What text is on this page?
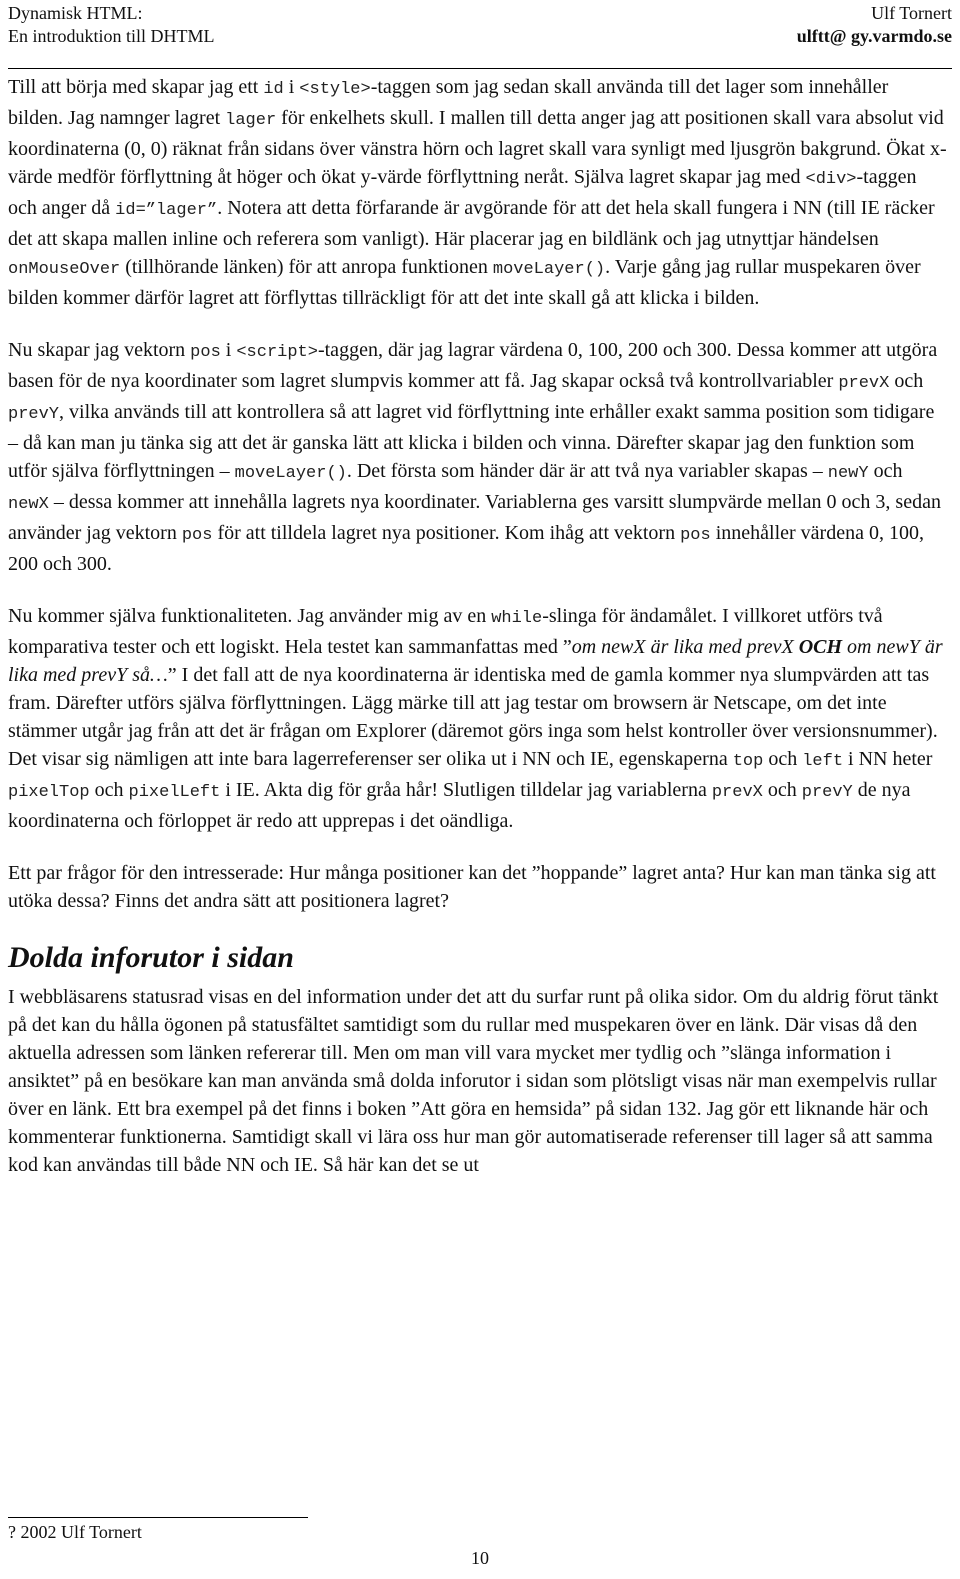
Dynamisk HTML:
En introduktion till DHTML
Ulf Tornert
ulftt@ gy.varmdo.se

Till att börja med skapar jag ett id i <style>-taggen som jag sedan skall använda till det lager som innehåller bilden. Jag namnger lagret lager för enkelhets skull. I mallen till detta anger jag att positionen skall vara absolut vid koordinaterna (0, 0) räknat från sidans över vänstra hörn och lagret skall vara synligt med ljusgrön bakgrund. Ökat x-värde medför förflyttning åt höger och ökat y-värde förflyttning neråt. Själva lagret skapar jag med <div>-taggen och anger då id=”lager”. Notera att detta förfarande är avgörande för att det hela skall fungera i NN (till IE räcker det att skapa mallen inline och referera som vanligt). Här placerar jag en bildlänk och jag utnyttjar händelsen onMouseOver (tillhörande länken) för att anropa funktionen moveLayer(). Varje gång jag rullar muspekaren över bilden kommer därför lagret att förflyttas tillräckligt för att det inte skall gå att klicka i bilden.

Nu skapar jag vektorn pos i <script>-taggen, där jag lagrar värdena 0, 100, 200 och 300. Dessa kommer att utgöra basen för de nya koordinater som lagret slumpvis kommer att få. Jag skapar också två kontrollvariabler prevX och prevY, vilka används till att kontrollera så att lagret vid förflyttning inte erhåller exakt samma position som tidigare – då kan man ju tänka sig att det är ganska lätt att klicka i bilden och vinna. Därefter skapar jag den funktion som utför själva förflyttningen – moveLayer(). Det första som händer där är att två nya variabler skapas – newY och newX – dessa kommer att innehålla lagrets nya koordinater. Variablerna ges varsitt slumpvärde mellan 0 och 3, sedan använder jag vektorn pos för att tilldela lagret nya positioner. Kom ihåg att vektorn pos innehåller värdena 0, 100, 200 och 300.

Nu kommer själva funktionaliteten. Jag använder mig av en while-slinga för ändamålet. I villkoret utförs två komparativa tester och ett logiskt. Hela testet kan sammanfattas med ”om newX är lika med prevX OCH om newY är lika med prevY så…” I det fall att de nya koordinaterna är identiska med de gamla kommer nya slumpvärden att tas fram. Därefter utförs själva förflyttningen. Lägg märke till att jag testar om browsern är Netscape, om det inte stämmer utgår jag från att det är frågan om Explorer (däremot görs inga som helst kontroller över versionsnummer). Det visar sig nämligen att inte bara lagerreferenser ser olika ut i NN och IE, egenskaperna top och left i NN heter pixelTop och pixelLeft i IE. Akta dig för gråa hår! Slutligen tilldelar jag variablerna prevX och prevY de nya koordinaterna och förloppet är redo att upprepas i det oändliga.

Ett par frågor för den intresserade: Hur många positioner kan det ”hoppande” lagret anta? Hur kan man tänka sig att utöka dessa? Finns det andra sätt att positionera lagret?

Dolda inforutor i sidan

I webbläsarens statusrad visas en del information under det att du surfar runt på olika sidor. Om du aldrig förut tänkt på det kan du hålla ögonen på statusfältet samtidigt som du rullar med muspekaren över en länk. Där visas då den aktuella adressen som länken refererar till. Men om man vill vara mycket mer tydlig och ”slänga information i ansiktet” på en besökare kan man använda små dolda inforutor i sidan som plötsligt visas när man exempelvis rullar över en länk. Ett bra exempel på det finns i boken ”Att göra en hemsida” på sidan 132. Jag gör ett liknande här och kommenterar funktionerna. Samtidigt skall vi lära oss hur man gör automatiserade referenser till lager så att samma kod kan användas till både NN och IE. Så här kan det se ut

? 2002 Ulf Tornert
10
